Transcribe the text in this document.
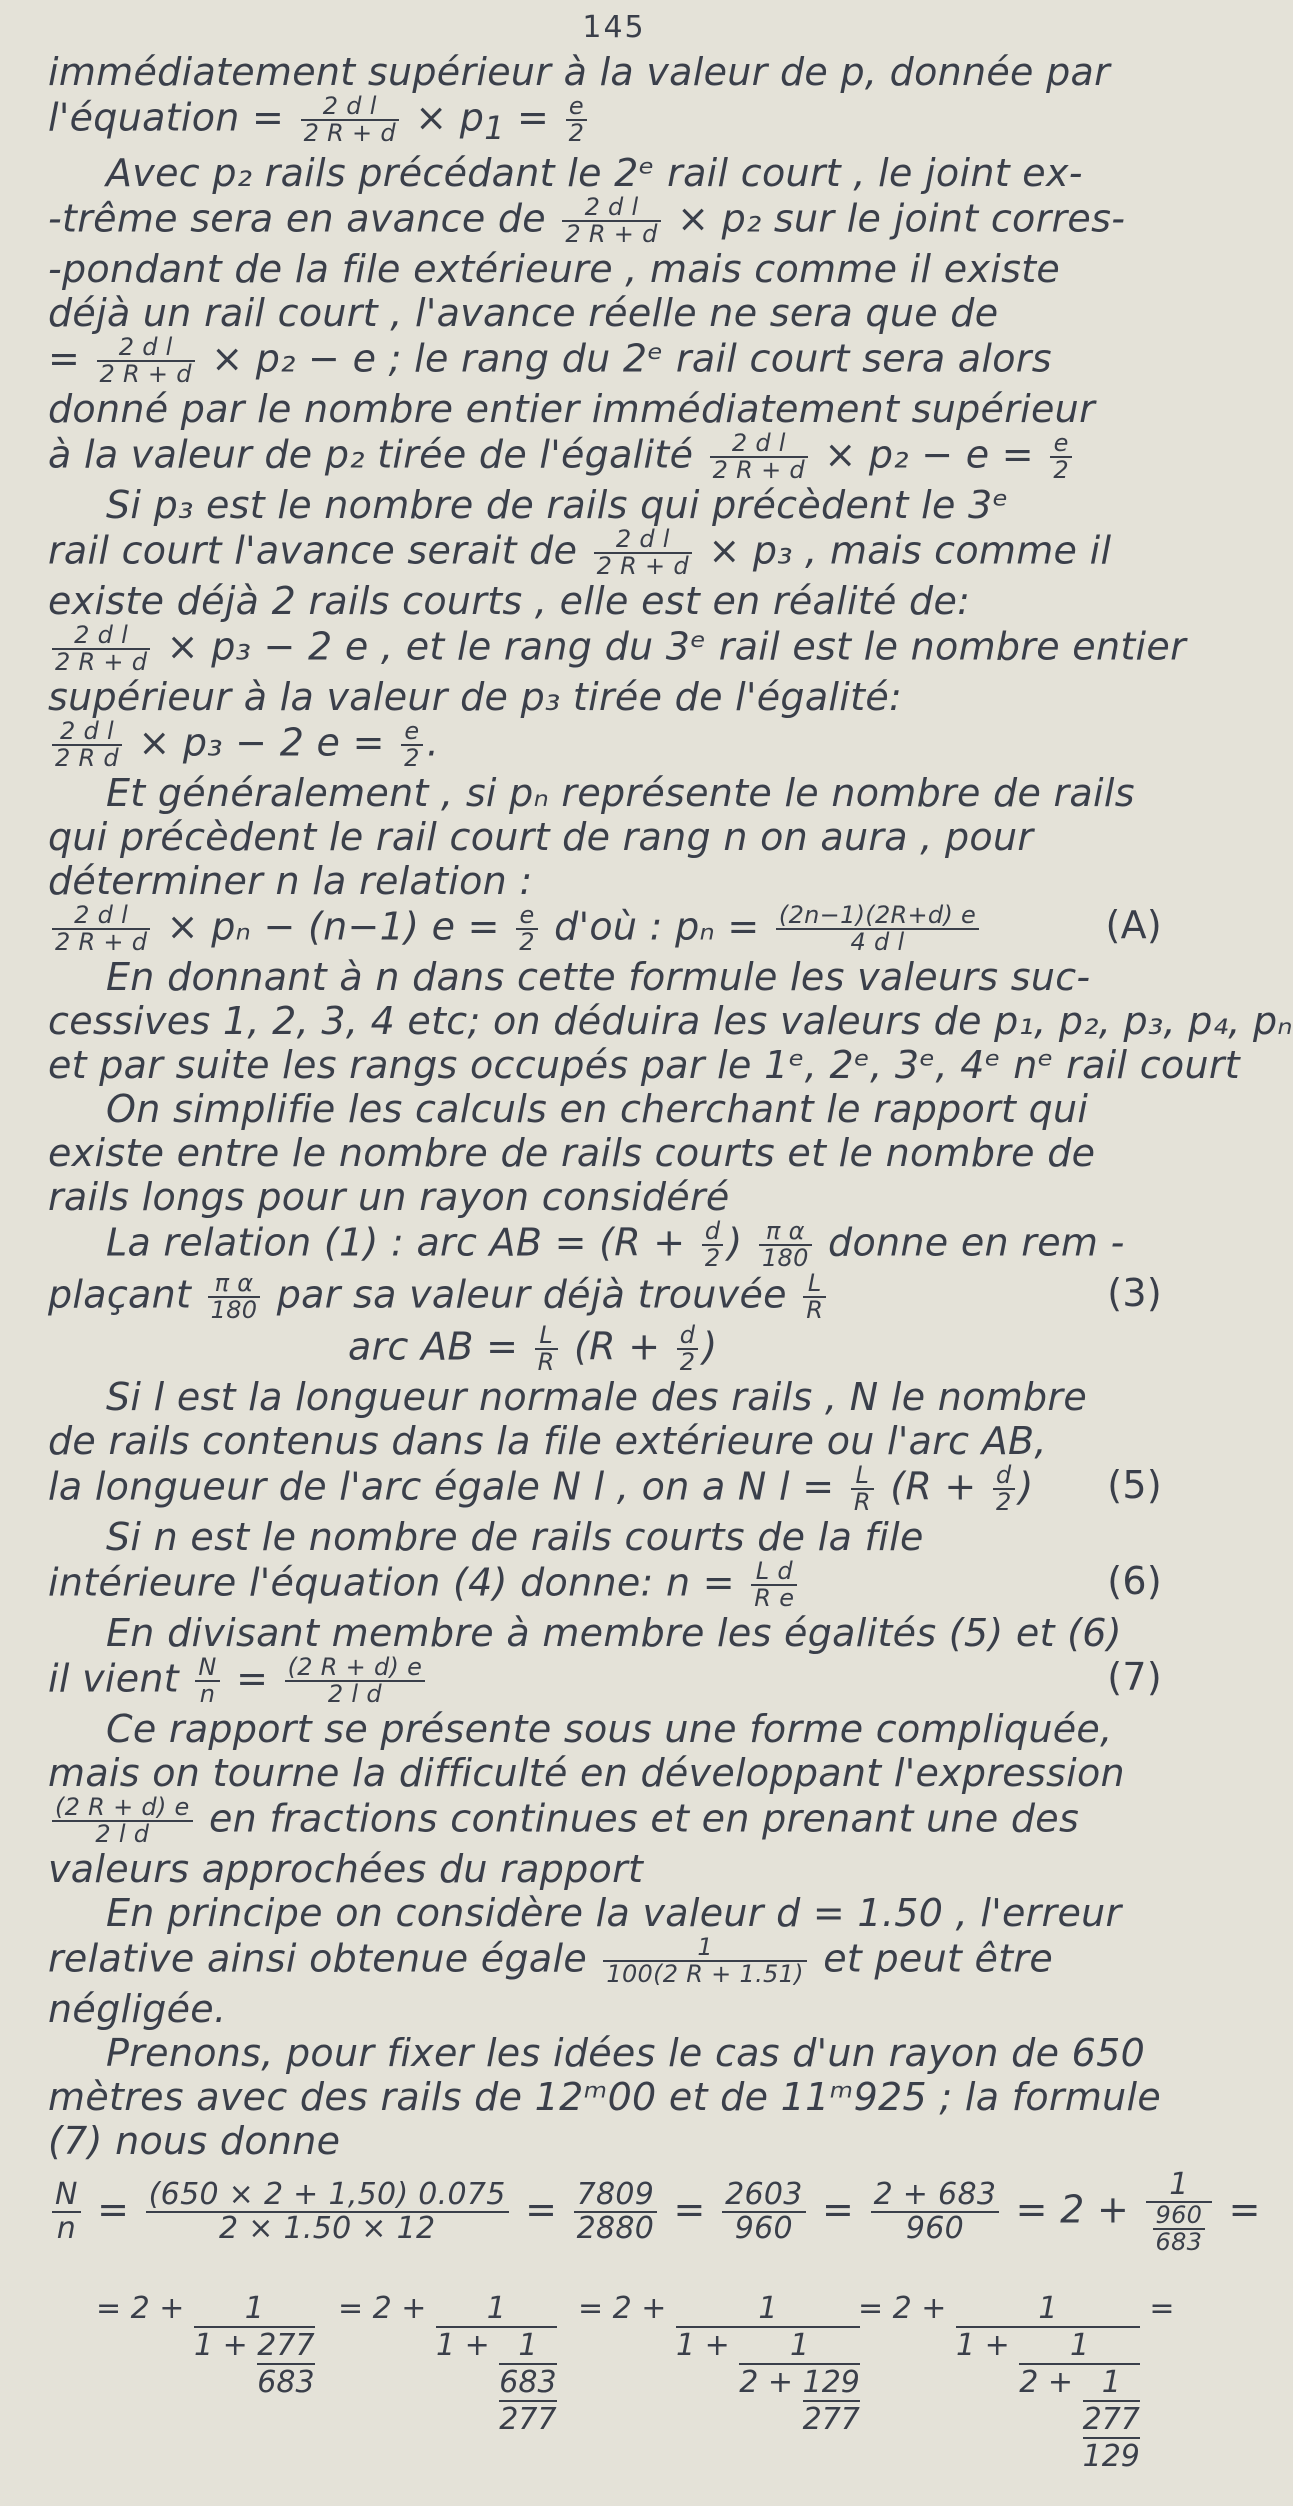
145
immédiatement supérieur à la valeur de p, donnée par
l'équation = $\frac{\text{2 d l}}{2 R + d} \times p_1 = \frac{e}{2}$
Avec p₂ rails précédant le 2ᵉ rail court , le joint ex-
-trême sera en avance de $\frac{\text{2 d l}}{2 R + d} \times p_2$ sur le joint corres-
-pondant de la file extérieure , mais comme il existe
déjà un rail court , l'avance réelle ne sera que de
= $\frac{\text{2 d l}}{2 R + d} \times p_2 - e$ ; le rang du 2ᵉ rail court sera alors
donné par le nombre entier immédiatement supérieur
à la valeur de p₂ tirée de l'égalité $\frac{\text{2 d l}}{2 R + d} \times p_2 - e = \frac{e}{2}$
Si p₃ est le nombre de rails qui précèdent le 3ᵉ
rail court l'avance serait de $\frac{\text{2 d l}}{2 R + d} \times p_3$ , mais comme il
existe déjà 2 rails courts , elle est en réalité de:
$\frac{\text{2 d l}}{2 R + d} \times p_3 - 2$ e , et le rang du 3ᵉ rail est le nombre entier
supérieur à la valeur de p₃ tirée de l'égalité:
$\frac{\text{2 d l}}{\text{2 R d}} \times p_3 - 2$ $e = \frac{e}{2}$ .
Et généralement , si pₙ représente le nombre de rails
qui précèdent le rail court de rang n on aura , pour
déterminer n la relation :
$\frac{\text{2 d l}}{2 R + d} \times p_n - (n-1) e = \frac{e}{2}$ d'où : $p_n = \frac{(2n-1)(2R+d) e}{\text{4 d l}}$	(A)
En donnant à n dans cette formule les valeurs suc-
cessives 1, 2, 3, 4 etc; on déduira les valeurs de p₁, p₂, p₃, p₄, pₙ
et par suite les rangs occupés par le 1ᵉ, 2ᵉ, 3ᵉ, 4ᵉ nᵉ rail court
On simplifie les calculs en cherchant le rapport qui
existe entre le nombre de rails courts et le nombre de
rails longs pour un rayon considéré
La relation (1) : arc AB = ($R + \frac{d}{2}$ ) $\frac{\text{π α}}{180}$ donne en rem -
plaçant $\frac{\text{π α}}{180}$ par sa valeur déjà trouvée $\frac{L}{R}$	(3)
arc AB = $\frac{L}{R} (R + \frac{d}{2}$ )
Si l est la longueur normale des rails , N le nombre
de rails contenus dans la file extérieure ou l'arc AB,
la longueur de l'arc égale N l , on a N $l = \frac{L}{R} (R + \frac{d}{2}$ ) (5)
Si n est le nombre de rails courts de la file
intérieure l'équation (4) donne: $n = \frac{\text{L d}}{\text{R e}}$	(6)
En divisant membre à membre les égalités (5) et (6)
il vient $\frac{N}{n} = \frac{(2 R + d) e}{\text{2 l d}}$	(7)
Ce rapport se présente sous une forme compliquée,
mais on tourne la difficulté en développant l'expression
$\frac{(2 R + d) e}{\text{2 l d}}$ en fractions continues et en prenant une des
valeurs approchées du rapport
En principe on considère la valeur d = 1.50 , l'erreur
relative ainsi obtenue égale $\frac{1}{100(2 R + 1.51)}$ et peut être
négligée.
Prenons, pour fixer les idées le cas d'un rayon de 650
mètres avec des rails de 12ᵐ00 et de 11ᵐ925 ; la formule
(7) nous donne
$\frac{N}{n} = \frac{(650 \times 2 + 1,50) 0.075}{2 \times 1.50 \times 12} = \frac{7809}{2880} = \frac{2603}{960} = \frac{2 + 683}{960} = 2 + \frac{1}{\frac{960}{683}}$ =
= $2 + \frac{1}{1 + \frac{277}{683}} = 2$ +	1
$1 + \frac{1}{\frac{683}{277}}$
= 2 +	1
$1 + \frac{1}{2 + \frac{129}{277}}$
= 2 +	1
1 +	1
$2 + \frac{1}{\frac{277}{129}}$ =
